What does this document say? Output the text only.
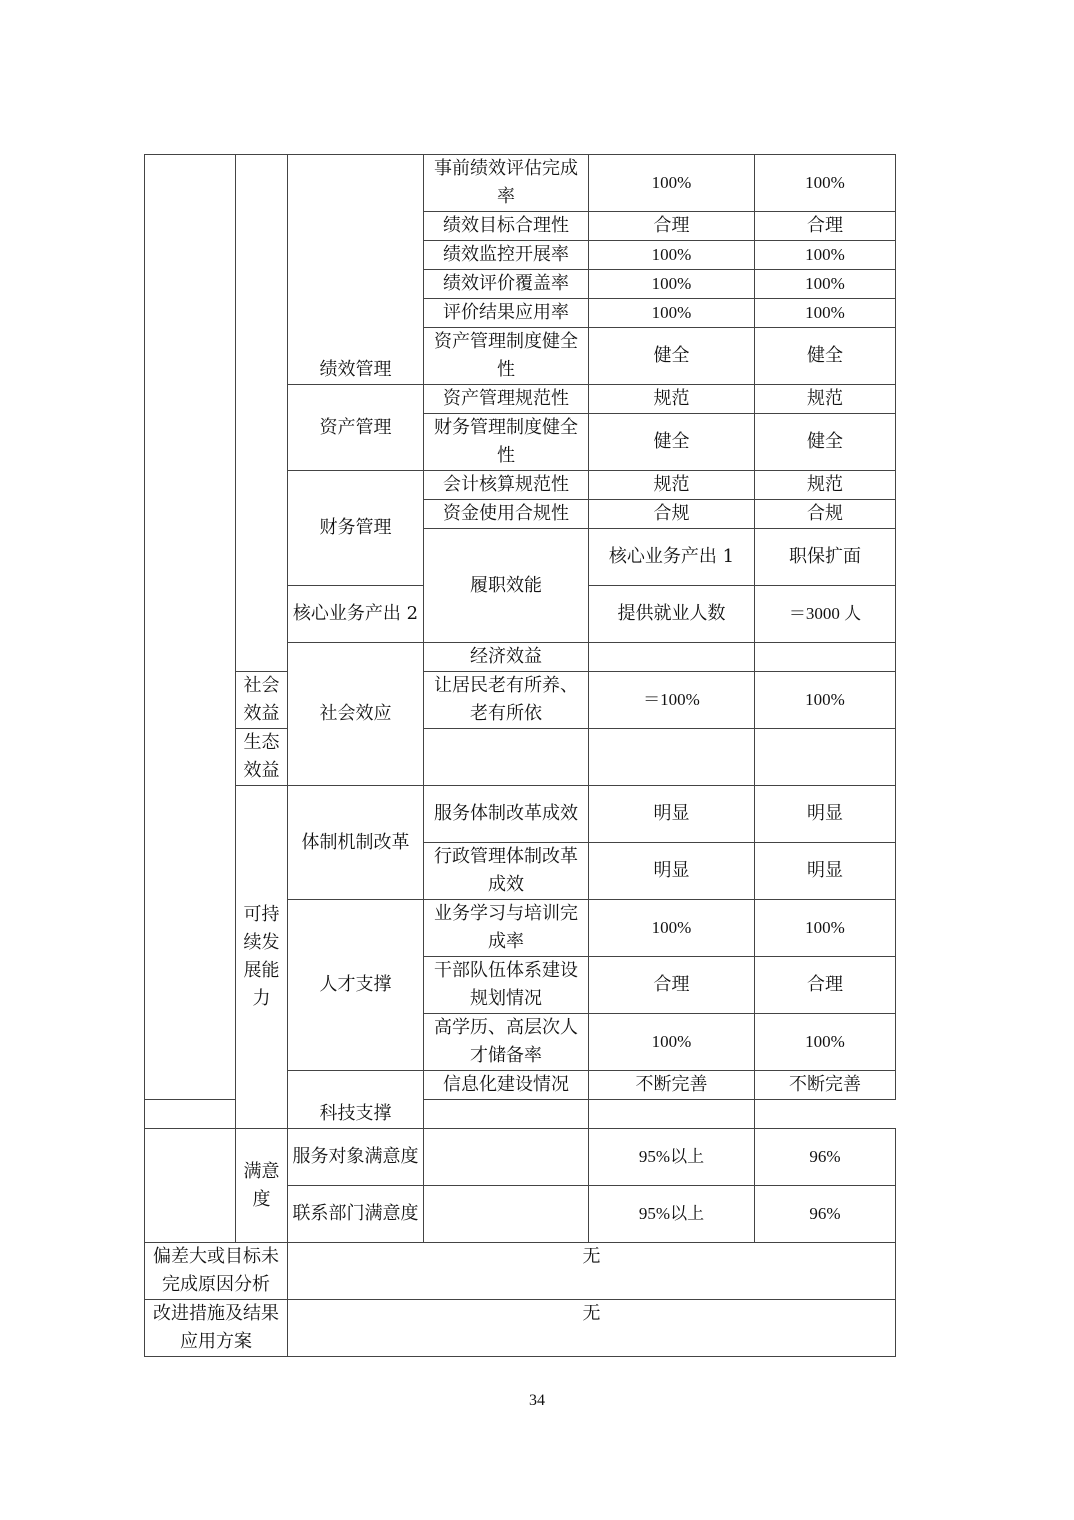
		绩效管理	事前绩效评估完成率	100%	100%	
			绩效目标合理性	合理	合理	
			绩效监控开展率	100%	100%	
			绩效评价覆盖率	100%	100%	
			评价结果应用率	100%	100%	
			资产管理制度健全性	健全	健全	
		资产管理	资产管理规范性	规范	规范	
			财务管理制度健全性	健全	健全	
		财务管理	会计核算规范性	规范	规范	
			资金使用合规性	合规	合规	
			履职效能	核心业务产出 1	职保扩面		
		核心业务产出 2		提供就业人数	＝3000 人	
		社会效应	经济效益			
	社会效益		让居民老有所养、老有所依	＝100%	100%	
	生态效益					
	可持续发展能力	体制机制改革	服务体制改革成效	明显	明显	
			行政管理体制改革成效	明显	明显	
		人才支撑	业务学习与培训完成率	100%	100%	
			干部队伍体系建设规划情况	合理	合理	
			高学历、高层次人才储备率	100%	100%	
		科技支撑	信息化建设情况	不断完善	不断完善	

	满意度	服务对象满意度		95%以上	96%	
		联系部门满意度		95%以上	96%	
偏差大或目标未完成原因分析		无				
改进措施及结果应用方案		无				
34
